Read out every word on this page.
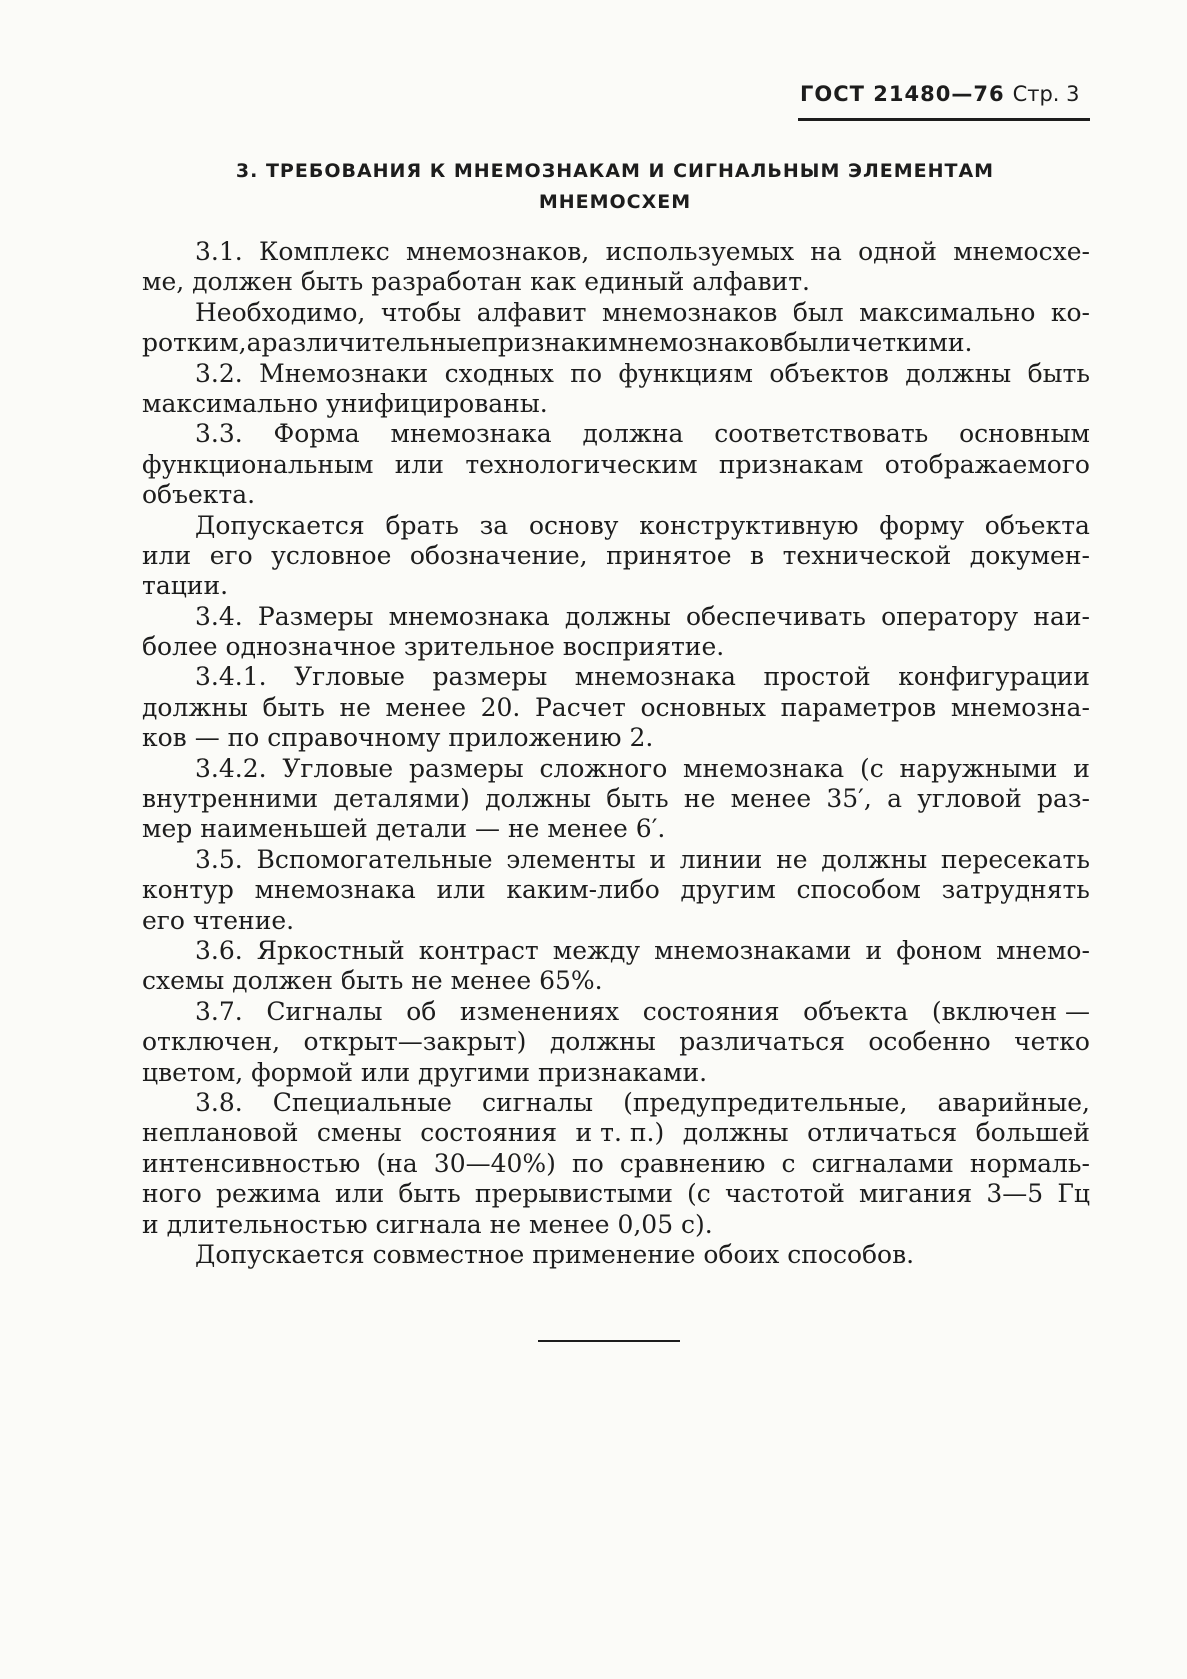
ГОСТ 21480—76 Стр. 3
3. ТРЕБОВАНИЯ К МНЕМОЗНАКАМ И СИГНАЛЬНЫМ ЭЛЕМЕНТАМ
МНЕМОСХЕМ
3.1. Комплекс мнемознаков, используемых на одной мнемосхе-
ме, должен быть разработан как единый алфавит.
Необходимо, чтобы алфавит мнемознаков был максимально ко-
ротким,аразличительныепризнакимнемознаковбыличеткими.
3.2. Мнемознаки сходных по функциям объектов должны быть
максимально унифицированы.
3.3. Форма мнемознака должна соответствовать основным
функциональным или технологическим признакам отображаемого
объекта.
Допускается брать за основу конструктивную форму объекта
или его условное обозначение, принятое в технической докумен-
тации.
3.4. Размеры мнемознака должны обеспечивать оператору наи-
более однозначное зрительное восприятие.
3.4.1. Угловые размеры мнемознака простой конфигурации
должны быть не менее 20. Расчет основных параметров мнемозна-
ков — по справочному приложению 2.
3.4.2. Угловые размеры сложного мнемознака (с наружными и
внутренними деталями) должны быть не менее 35′, а угловой раз-
мер наименьшей детали — не менее 6′.
3.5. Вспомогательные элементы и линии не должны пересекать
контур мнемознака или каким-либо другим способом затруднять
его чтение.
3.6. Яркостный контраст между мнемознаками и фоном мнемо-
схемы должен быть не менее 65%.
3.7. Сигналы об изменениях состояния объекта (включен —
отключен, открыт—закрыт) должны различаться особенно четко
цветом, формой или другими признаками.
3.8. Специальные сигналы (предупредительные, аварийные,
неплановой смены состояния и т. п.) должны отличаться большей
интенсивностью (на 30—40%) по сравнению с сигналами нормаль-
ного режима или быть прерывистыми (с частотой мигания 3—5 Гц
и длительностью сигнала не менее 0,05 с).
Допускается совместное применение обоих способов.
